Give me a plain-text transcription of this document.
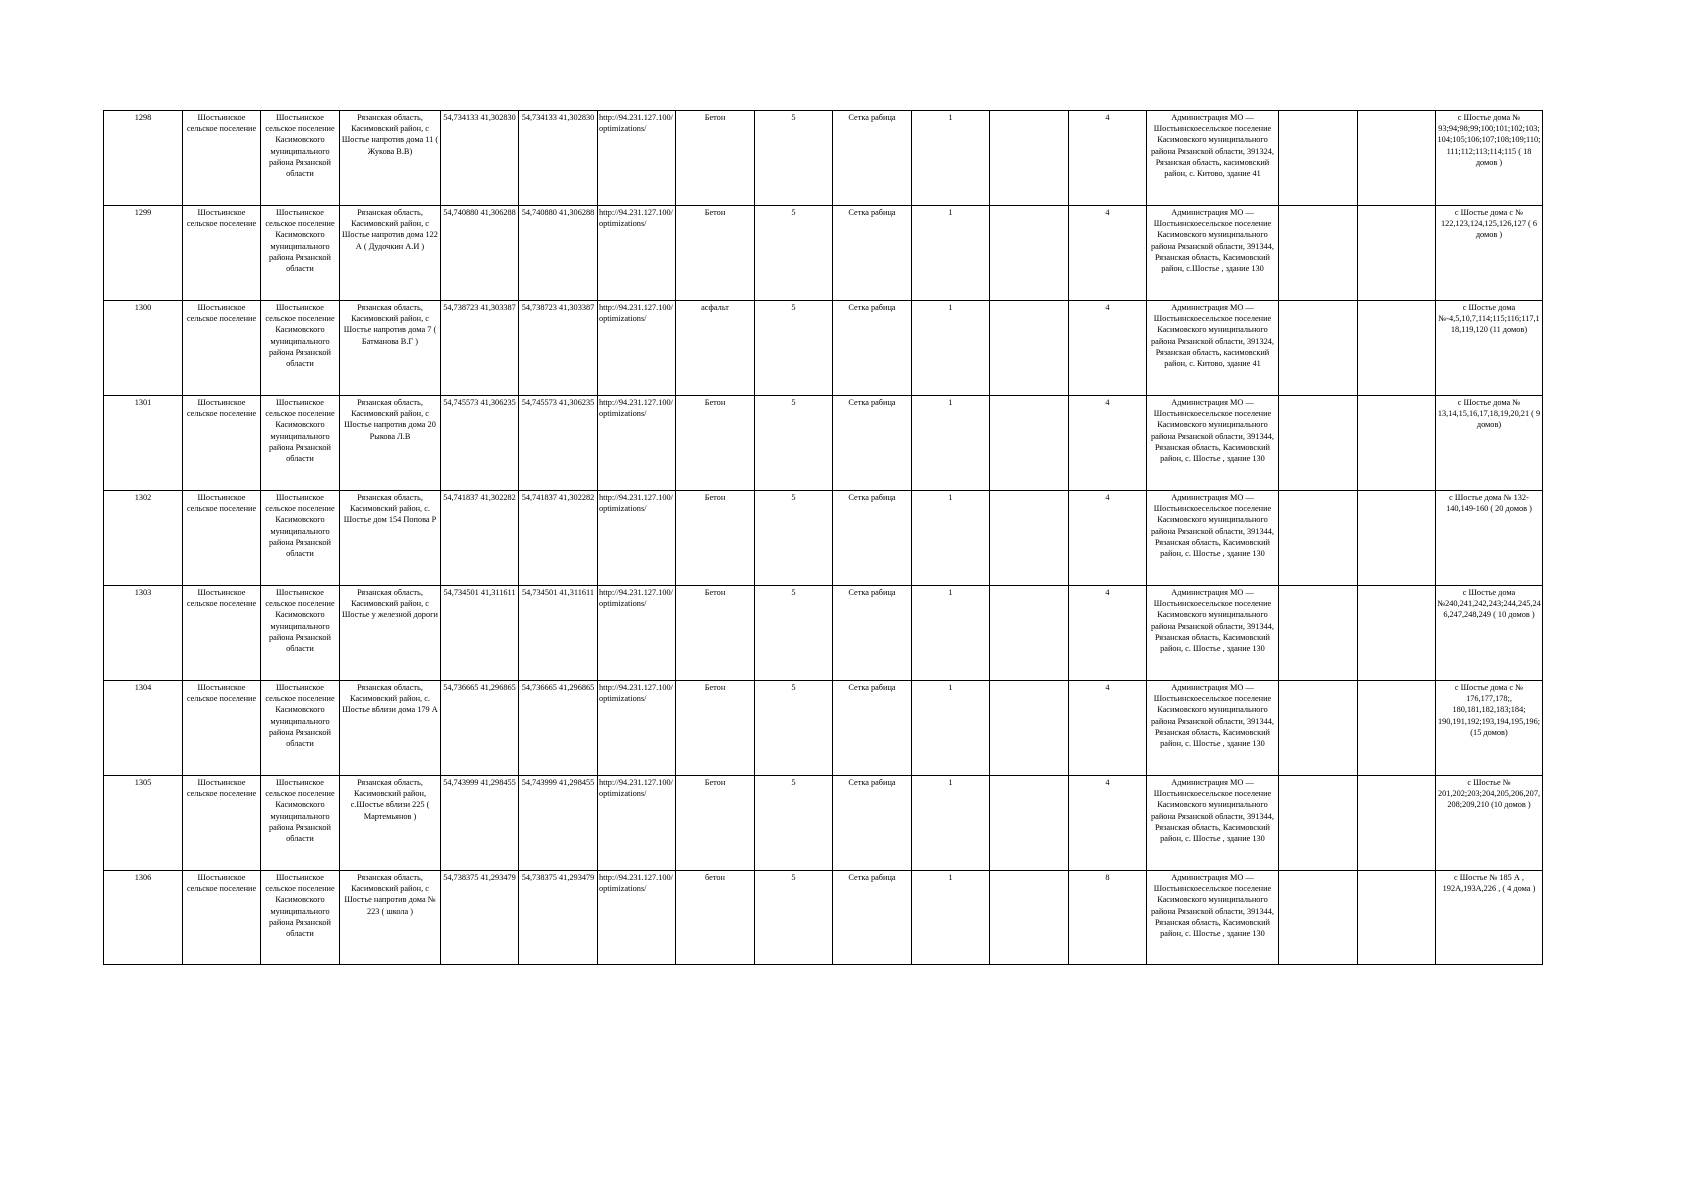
1298	Шостьинское сельское поселение	Шостьинское сельское поселение Касимовского муниципального района Рязанской области	Рязанская область, Касимовский район, с Шостье напротив дома 11 ( Жукова В.В)	54,734133 41,302830	54,734133 41,302830	http://94.231.127.100/optimizations/	Бетон	5	Сетка рабица	1		4	Администрация МО — Шостьинскоесельское поселение Касимовского муниципального района Рязанской области, 391324, Рязанская область, касимовский район, с. Китово, здание 41			с Шостье дома № 93;94;98;99;100;101;102;103;104;105;106;107;108;109;110;111;112;113;114;115 ( 18 домов )
1299	Шостьинское сельское поселение	Шостьинское сельское поселение Касимовского муниципального района Рязанской области	Рязанская область, Касимовский район, с Шостье напротив дома 122 А ( Дудочкин А.И )	54,740880 41,306288	54,740880 41,306288	http://94.231.127.100/optimizations/	Бетон	5	Сетка рабица	1		4	Администрация МО — Шостьинскоесельское поселение Касимовского муниципального района Рязанской области, 391344, Рязанская область, Касимовский район, с.Шостье , здание 130			с Шостье дома с № 122,123,124,125,126,127 ( 6 домов )
1300	Шостьинское сельское поселение	Шостьинское сельское поселение Касимовского муниципального района Рязанской области	Рязанская область, Касимовский район, с Шостье напротив дома 7 ( Батманова В.Г )	54,738723 41,303387	54,738723 41,303387	http://94.231.127.100/optimizations/	асфальт	5	Сетка рабица	1		4	Администрация МО — Шостьинскоесельское поселение Касимовского муниципального района Рязанской области, 391324, Рязанская область, касимовский район, с. Китово, здание 41			с Шостье дома №-4,5,10,7,114;115;116;117,118,119,120 (11 домов)
1301	Шостьинское сельское поселение	Шостьинское сельское поселение Касимовского муниципального района Рязанской области	Рязанская область, Касимовский район, с Шостье напротив дома 20 Рыкова Л.В	54,745573 41,306235	54,745573 41,306235	http://94.231.127.100/optimizations/	Бетон	5	Сетка рабица	1		4	Администрация МО — Шостьинскоесельское поселение Касимовского муниципального района Рязанской области, 391344, Рязанская область, Касимовский район, с. Шостье , здание 130			с Шостье дома № 13,14,15,16,17,18,19,20,21 ( 9 домов)
1302	Шостьинское сельское поселение	Шостьинское сельское поселение Касимовского муниципального района Рязанской области	Рязанская область, Касимовский район, с. Шостье дом 154 Попова Р	54,741837 41,302282	54,741837 41,302282	http://94.231.127.100/optimizations/	Бетон	5	Сетка рабица	1		4	Администрация МО — Шостьинскоесельское поселение Касимовского муниципального района Рязанской области, 391344, Рязанская область, Касимовский район, с. Шостье , здание 130			с Шостье дома № 132-140,149-160 ( 20 домов )
1303	Шостьинское сельское поселение	Шостьинское сельское поселение Касимовского муниципального района Рязанской области	Рязанская область, Касимовский район, с Шостье у железной дороги	54,734501 41,311611	54,734501 41,311611	http://94.231.127.100/optimizations/	Бетон	5	Сетка рабица	1		4	Администрация МО — Шостьинскоесельское поселение Касимовского муниципального района Рязанской области, 391344, Рязанская область, Касимовский район, с. Шостье , здание 130			с Шостье дома №240,241,242,243;244,245,246,247,248,249 ( 10 домов )
1304	Шостьинское сельское поселение	Шостьинское сельское поселение Касимовского муниципального района Рязанской области	Рязанская область, Касимовский район, с. Шостье вблизи дома 179 А	54,736665 41,296865	54,736665 41,296865	http://94.231.127.100/optimizations/	Бетон	5	Сетка рабица	1		4	Администрация МО — Шостьинскоесельское поселение Касимовского муниципального района Рязанской области, 391344, Рязанская область, Касимовский район, с. Шостье , здание 130			с Шостье дома с № 176,177,178;, 180,181,182,183;184; 190,191,192;193,194,195,196; (15 домов)
1305	Шостьинское сельское поселение	Шостьинское сельское поселение Касимовского муниципального района Рязанской области	Рязанская область, Касимовский район, с.Шостье вблизи 225 ( Мартемьянов )	54,743999 41,298455	54,743999 41,298455	http://94.231.127.100/optimizations/	Бетон	5	Сетка рабица	1		4	Администрация МО — Шостьинскоесельское поселение Касимовского муниципального района Рязанской области, 391344, Рязанская область, Касимовский район, с. Шостье , здание 130			с Шостье № 201,202;203;204,205,206,207,208;209,210 (10 домов )
1306	Шостьинское сельское поселение	Шостьинское сельское поселение Касимовского муниципального района Рязанской области	Рязанская область, Касимовский район, с Шостье напротив дома № 223 ( школа )	54,738375 41,293479	54,738375 41,293479	http://94.231.127.100/optimizations/	бетон	5	Сетка рабица	1		8	Администрация МО — Шостьинскоесельское поселение Касимовского муниципального района Рязанской области, 391344, Рязанская область, Касимовский район, с. Шостье , здание 130			с Шостье № 185 А , 192А,193А,226 , ( 4 дома )
